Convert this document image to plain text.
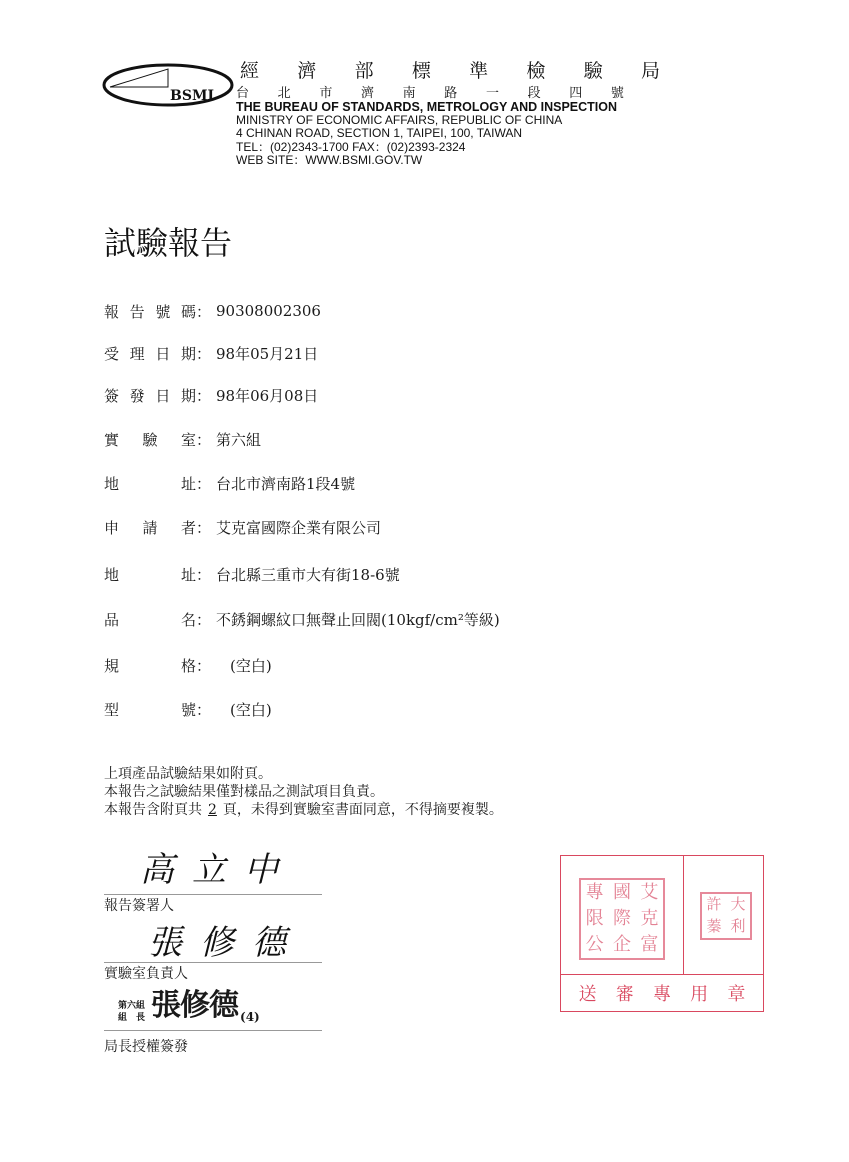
BSMI
經 濟 部 標 準 檢 驗 局
台 北 市 濟 南 路 一 段 四 號
THE BUREAU OF STANDARDS, METROLOGY AND INSPECTION
MINISTRY OF ECONOMIC AFFAIRS, REPUBLIC OF CHINA
4 CHINAN ROAD, SECTION 1, TAIPEI, 100, TAIWAN
TEL：(02)2343-1700 FAX：(02)2393-2324
WEB SITE：WWW.BSMI.GOV.TW
試驗報告
報 告 號 碼 ： 90308002306
受 理 日 期 ： 98年05月21日
簽 發 日 期 ： 98年06月08日
實 驗 室 ： 第六組
地	址 ： 台北市濟南路1段4號
申 請 者 ： 艾克富國際企業有限公司
地	址 ： 台北縣三重市大有街18-6號
品	名 ： 不銹鋼螺紋口無聲止回閥(10kgf/cm²等級)
規	格 ：	(空白)
型	號 ：	(空白)
上項產品試驗結果如附頁。
本報告之試驗結果僅對樣品之測試項目負責。
本報告含附頁共 2 頁，未得到實驗室書面同意，不得摘要複製。
高立中
報告簽署人
張修德
實驗室負責人
第六組
組　長 張修德 (4)
局長授權簽發
專 國 艾
限 際 克
公 企 富
許 大
蓁 利
送 審 專 用 章
